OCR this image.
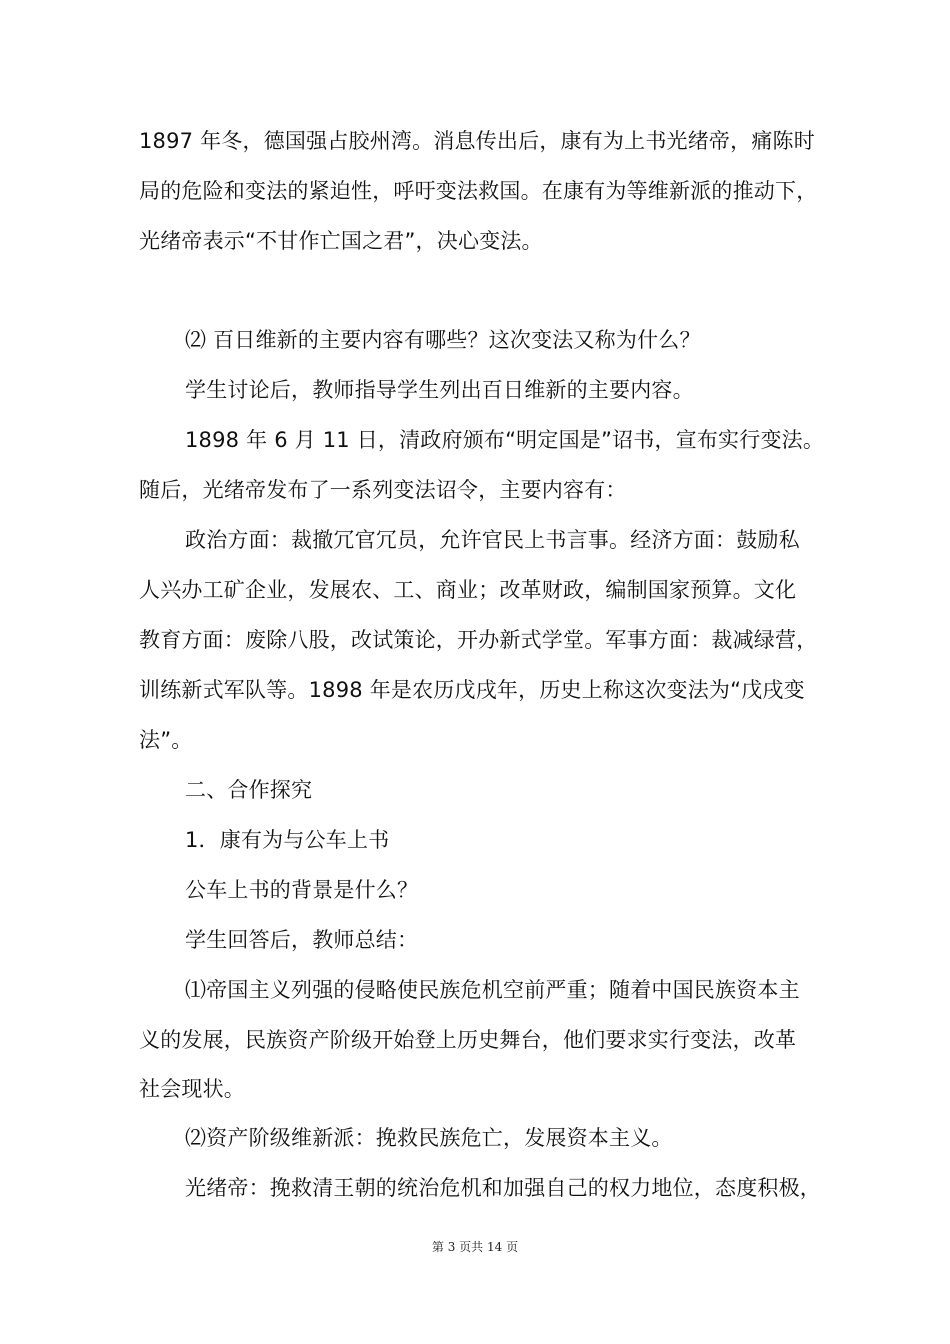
1897 年冬，德国强占胶州湾。消息传出后，康有为上书光绪帝，痛陈时
局的危险和变法的紧迫性，呼吁变法救国。在康有为等维新派的推动下，
光绪帝表示“不甘作亡国之君”，决心变法。
⑵ 百日维新的主要内容有哪些？这次变法又称为什么？
学生讨论后，教师指导学生列出百日维新的主要内容。
1898 年 6 月 11 日，清政府颁布“明定国是”诏书，宣布实行变法。
随后，光绪帝发布了一系列变法诏令，主要内容有：
政治方面：裁撤冗官冗员，允许官民上书言事。经济方面：鼓励私
人兴办工矿企业，发展农、工、商业；改革财政，编制国家预算。文化
教育方面：废除八股，改试策论，开办新式学堂。军事方面：裁减绿营，
训练新式军队等。1898 年是农历戊戌年，历史上称这次变法为“戊戌变
法”。
二、合作探究
1．康有为与公车上书
公车上书的背景是什么？
学生回答后，教师总结：
⑴帝国主义列强的侵略使民族危机空前严重；随着中国民族资本主
义的发展，民族资产阶级开始登上历史舞台，他们要求实行变法，改革
社会现状。
⑵资产阶级维新派：挽救民族危亡，发展资本主义。
光绪帝：挽救清王朝的统治危机和加强自己的权力地位，态度积极，
第 3 页共 14 页
